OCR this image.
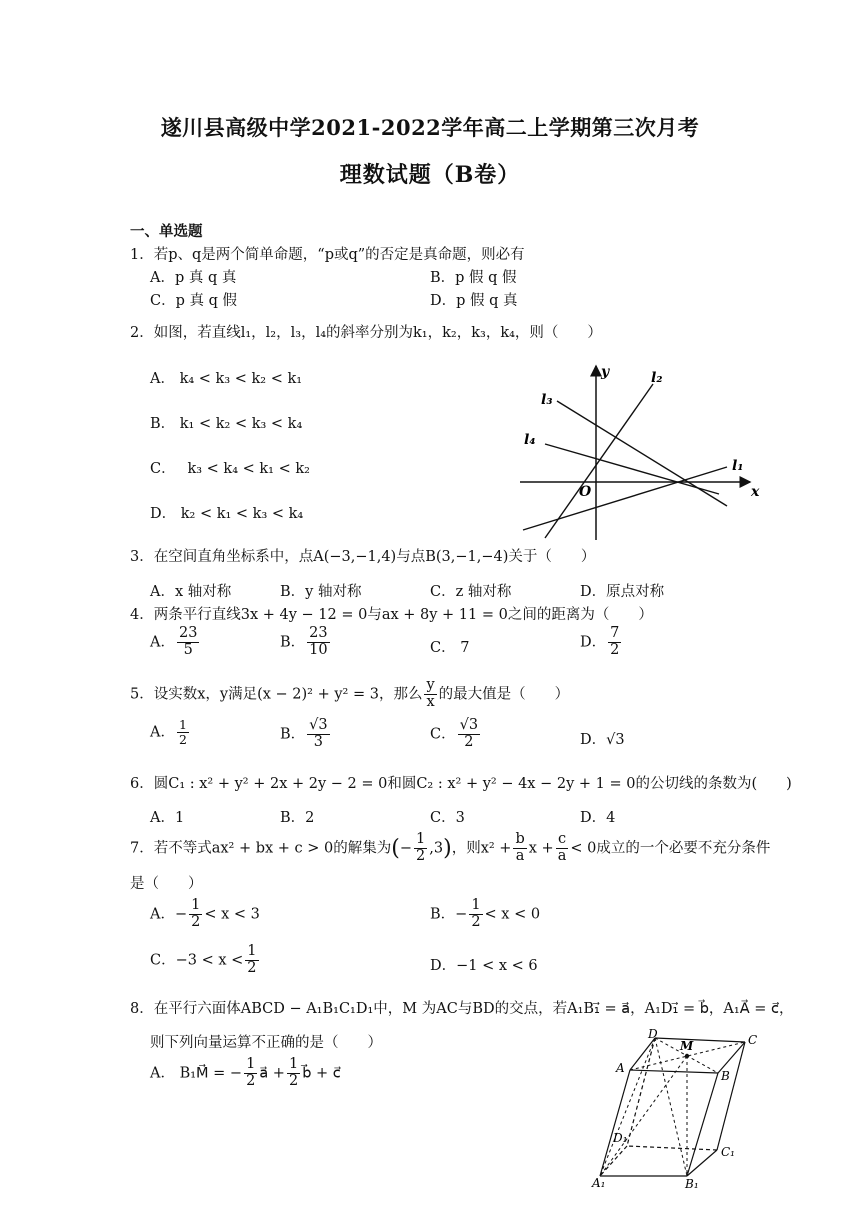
遂川县高级中学2021-2022学年高二上学期第三次月考
理数试题（B卷）
一、单选题
1．若p、q是两个简单命题，“p或q”的否定是真命题，则必有
A．p 真 q 真	B．p 假 q 假
C．p 真 q 假	D．p 假 q 真
2．如图，若直线l₁，l₂，l₃，l₄的斜率分别为k₁，k₂，k₃，k₄，则（　　）
A． k₄ < k₃ < k₂ < k₁
B． k₁ < k₂ < k₃ < k₄
C．　 k₃ < k₄ < k₁ < k₂
D． k₂ < k₁ < k₃ < k₄
y
x
O
l₁
l₂
l₃
l₄
3．在空间直角坐标系中，点A(−3,−1,4)与点B(3,−1,−4)关于（　　）
A．x 轴对称	B．y 轴对称	C．z 轴对称	D．原点对称
4．两条平行直线3x + 4y − 12 = 0与ax + 8y + 11 = 0之间的距离为（　　）
A． $\frac{23}{5}$	B． $\frac{23}{10}$	C． 7	D． $\frac{7}{2}$
5．设实数x，y满足(x − 2)² + y² = 3，那么 $\frac{y}{x}$ 的最大值是（　　）
A． $\frac{1}{2}$	B． $\frac{√3}{3}$	C． $\frac{√3}{2}$	D．√3
6．圆C₁ : x² + y² + 2x + 2y − 2 = 0和圆C₂ : x² + y² − 4x − 2y + 1 = 0的公切线的条数为(　　)
A．1	B．2	C．3	D．4
7．若不等式ax² + bx + c > 0的解集为(− $\frac{1}{2} ,3$)，则$x^2 + \frac{b}{a}$ $x + \frac{c}{a} < 0$成立的一个必要不充分条件
是（　　）
A．− $\frac{1}{2} < x < 3$	B．− $\frac{1}{2} < x < 0$
C．$-3 < x < \frac{1}{2}$	D．−1 < x < 6
8．在平行六面体ABCD − A₁B₁C₁D₁中，M 为AC与BD的交点，若A₁B₁⃗ = a⃗，A₁D₁⃗ = b⃗，A₁A⃗ = c⃗，
则下列向量运算不正确的是（　　）
A． B₁M⃗ = − $\frac{1}{2}$ a⃗ + $\frac{1}{2}$ b⃗ + c⃗
D
M	C
A
B
D₁
C₁
A₁	B₁
